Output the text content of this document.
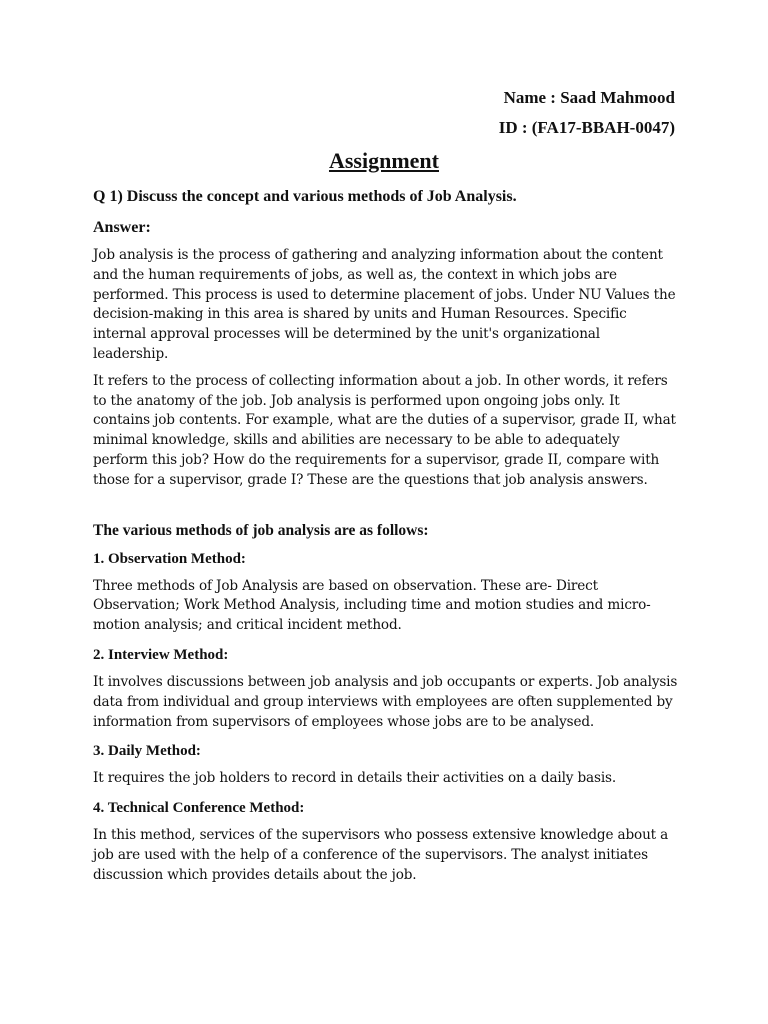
Name : Saad Mahmood
ID : (FA17-BBAH-0047)
Assignment

Q 1) Discuss the concept and various methods of Job Analysis.

Answer:

Job analysis is the process of gathering and analyzing information about the content and the human requirements of jobs, as well as, the context in which jobs are performed. This process is used to determine placement of jobs. Under NU Values the decision-making in this area is shared by units and Human Resources. Specific internal approval processes will be determined by the unit's organizational leadership.

It refers to the process of collecting information about a job. In other words, it refers to the anatomy of the job. Job analysis is performed upon ongoing jobs only. It contains job contents. For example, what are the duties of a supervisor, grade II, what minimal knowledge, skills and abilities are necessary to be able to adequately perform this job? How do the requirements for a supervisor, grade II, compare with those for a supervisor, grade I? These are the questions that job analysis answers.

The various methods of job analysis are as follows:

1. Observation Method:

Three methods of Job Analysis are based on observation. These are- Direct Observation; Work Method Analysis, including time and motion studies and micro-motion analysis; and critical incident method.

2. Interview Method:

It involves discussions between job analysis and job occupants or experts. Job analysis data from individual and group interviews with employees are often supplemented by information from supervisors of employees whose jobs are to be analysed.

3. Daily Method:

It requires the job holders to record in details their activities on a daily basis.

4. Technical Conference Method:

In this method, services of the supervisors who possess extensive knowledge about a job are used with the help of a conference of the supervisors. The analyst initiates discussion which provides details about the job.
